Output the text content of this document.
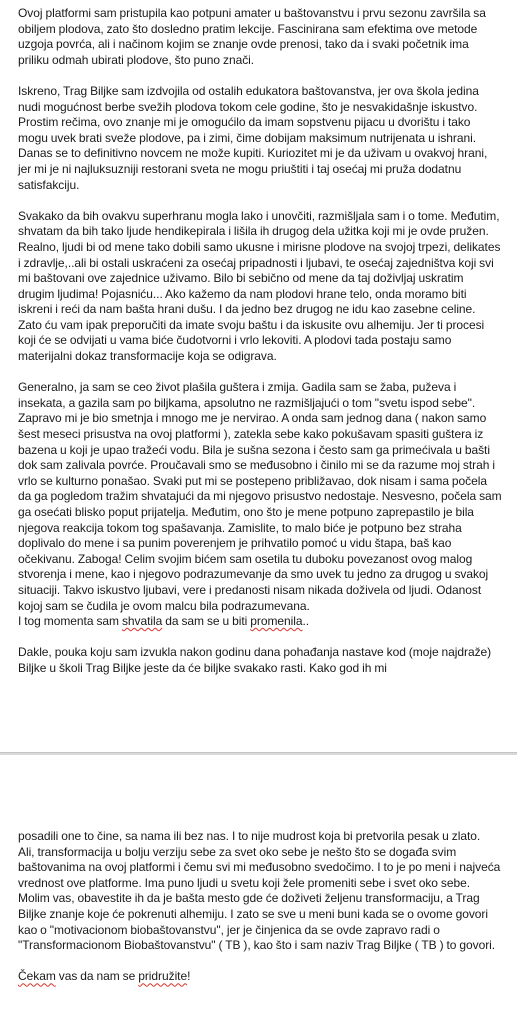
Ovoj platformi sam pristupila kao potpuni amater u baštovanstvu i prvu sezonu završila sa obiljem plodova, zato što dosledno pratim lekcije. Fascinirana sam efektima ove metode uzgoja povrća, ali i načinom kojim se znanje ovde prenosi, tako da i svaki početnik ima priliku odmah ubirati plodove, što puno znači.

Iskreno, Trag Biljke sam izdvojila od ostalih edukatora baštovanstva, jer ova škola jedina nudi mogućnost berbe svežih plodova tokom cele godine, što je nesvakidašnje iskustvo. Prostim rečima, ovo znanje mi je omogućilo da imam sopstvenu pijacu u dvorištu i tako mogu uvek brati sveže plodove, pa i zimi, čime dobijam maksimum nutrijenata u ishrani. Danas se to definitivno novcem ne može kupiti. Kuriozitet mi je da uživam u ovakvoj hrani, jer mi je ni najluksuzniji restorani sveta ne mogu priuštiti i taj osećaj mi pruža dodatnu satisfakciju.

Svakako da bih ovakvu superhranu mogla lako i unovčiti, razmišljala sam i o tome. Međutim, shvatam da bih tako ljude hendikepirala i lišila ih drugog dela užitka koji mi je ovde pružen. Realno, ljudi bi od mene tako dobili samo ukusne i mirisne plodove na svojoj trpezi, delikates i zdravlje,..ali bi ostali uskraćeni za osećaj pripadnosti i ljubavi, te osećaj zajedništva koji svi mi baštovani ove zajednice uživamo. Bilo bi sebično od mene da taj doživljaj uskratim drugim ljudima! Pojasniću... Ako kažemo da nam plodovi hrane telo, onda moramo biti iskreni i reći da nam bašta hrani dušu. I da jedno bez drugog ne idu kao zasebne celine.

Zato ću vam ipak preporučiti da imate svoju baštu i da iskusite ovu alhemiju. Jer ti procesi koji će se odvijati u vama biće čudotvorni i vrlo lekoviti. A plodovi tada postaju samo materijalni dokaz transformacije koja se odigrava.

Generalno, ja sam se ceo život plašila guštera i zmija. Gadila sam se žaba, puževa i insekata, a gazila sam po biljkama, apsolutno ne razmišljajući o tom "svetu ispod sebe". Zapravo mi je bio smetnja i mnogo me je nervirao. A onda sam jednog dana ( nakon samo šest meseci prisustva na ovoj platformi ), zatekla sebe kako pokušavam spasiti guštera iz bazena u koji je upao tražeći vodu. Bila je sušna sezona i često sam ga primećivala u bašti dok sam zalivala povrće. Proučavali smo se međusobno i činilo mi se da razume moj strah i vrlo se kulturno ponašao. Svaki put mi se postepeno približavao, dok nisam i sama počela da ga pogledom tražim shvatajući da mi njegovo prisustvo nedostaje. Nesvesno, počela sam ga osećati blisko poput prijatelja. Međutim, ono što je mene potpuno zaprepastilo je bila njegova reakcija tokom tog spašavanja. Zamislite, to malo biće je potpuno bez straha doplivalo do mene i sa punim poverenjem je prihvatilo pomoć u vidu štapa, baš kao očekivanu. Zaboga! Celim svojim bićem sam osetila tu duboku povezanost ovog malog stvorenja i mene, kao i njegovo podrazumevanje da smo uvek tu jedno za drugog u svakoj situaciji. Takvo iskustvo ljubavi, vere i predanosti nisam nikada doživela od ljudi. Odanost kojoj sam se čudila je ovom malcu bila podrazumevana.

I tog momenta sam shvatila da sam se u biti promenila..

Dakle, pouka koju sam izvukla nakon godinu dana pohađanja nastave kod (moje najdraže) Biljke u školi Trag Biljke jeste da će biljke svakako rasti. Kako god ih mi

posadili one to čine, sa nama ili bez nas. I to nije mudrost koja bi pretvorila pesak u zlato.

Ali, transformacija u bolju verziju sebe za svet oko sebe je nešto što se događa svim baštovanima na ovoj platformi i čemu svi mi međusobno svedočimo. I to je po meni i najveća vrednost ove platforme. Ima puno ljudi u svetu koji žele promeniti sebe i svet oko sebe. Molim vas, obavestite ih da je bašta mesto gde će doživeti željenu transformaciju, a Trag Biljke znanje koje će pokrenuti alhemiju. I zato se sve u meni buni kada se o ovome govori kao o "motivacionom biobaštovanstvu", jer je činjenica da se ovde zapravo radi o "Transformacionom Biobaštovanstvu" ( TB ), kao što i sam naziv Trag Biljke ( TB ) to govori.

Čekam vas da nam se pridružite!
